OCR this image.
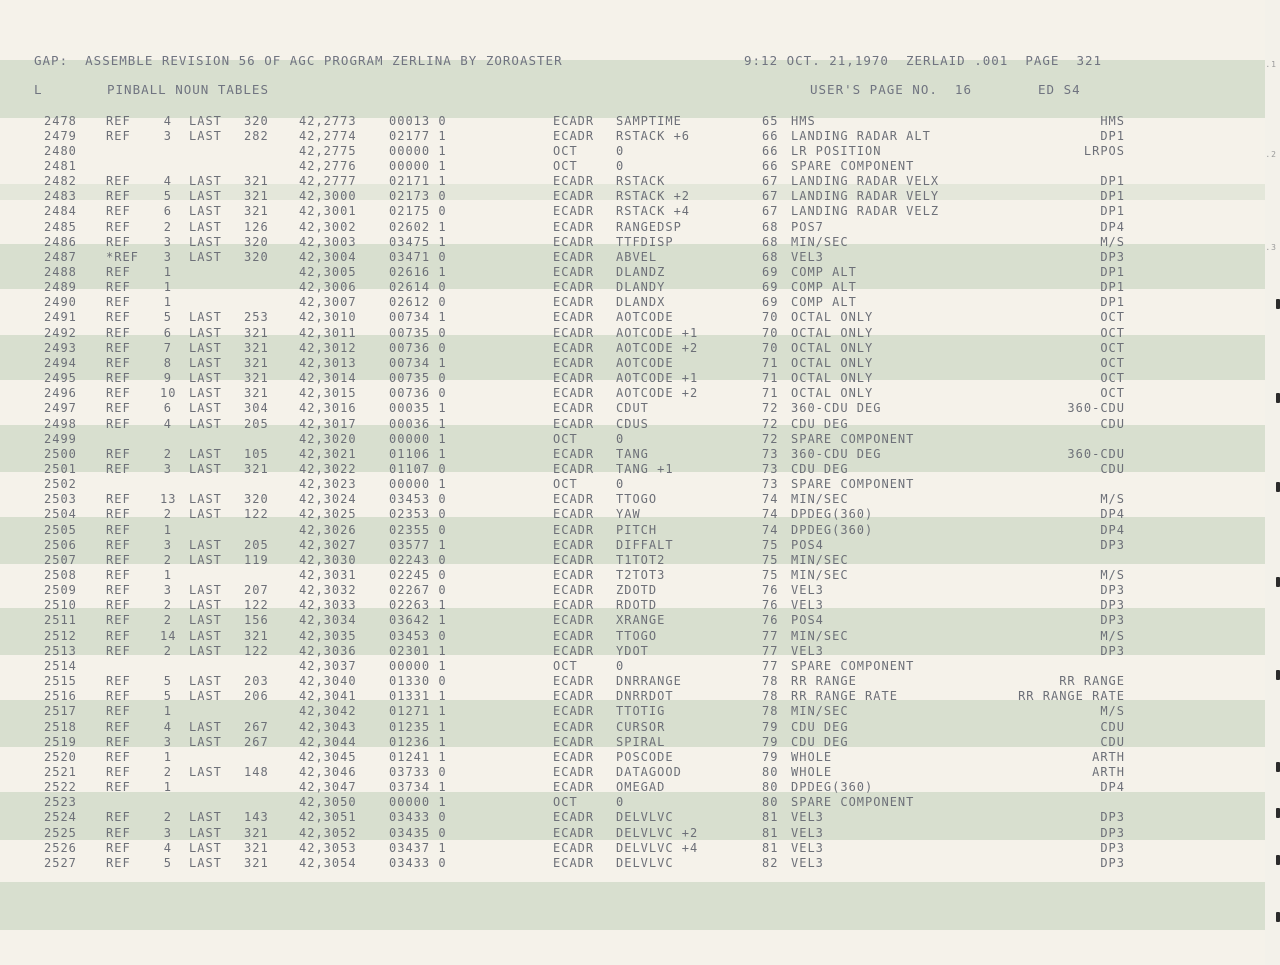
GAP:  ASSEMBLE REVISION 56 OF AGC PROGRAM ZERLINA BY ZOROASTER	9:12 OCT. 21,1970  ZERLAID .001  PAGE  321
L	PINBALL NOUN TABLES	USER'S PAGE NO.  16	ED S4
2478 REF	4 LAST 320	42,2773	00013 0	ECADR SAMPTIME	65 HMS	HMS
2479 REF	3 LAST 282	42,2774	02177 1	ECADR RSTACK +6	66 LANDING RADAR ALT	DP1
2480	42,2775	00000 1	OCT	0	66 LR POSITION	LRPOS
2481	42,2776	00000 1	OCT	0	66 SPARE COMPONENT
2482 REF	4 LAST 321	42,2777	02171 1	ECADR RSTACK	67 LANDING RADAR VELX	DP1
2483 REF	5 LAST 321	42,3000	02173 0	ECADR RSTACK +2	67 LANDING RADAR VELY	DP1
2484 REF	6 LAST 321	42,3001	02175 0	ECADR RSTACK +4	67 LANDING RADAR VELZ	DP1
2485 REF	2 LAST 126	42,3002	02602 1	ECADR RANGEDSP	68 POS7	DP4
2486 REF	3 LAST 320	42,3003	03475 1	ECADR TTFDISP	68 MIN/SEC	M/S
2487 *REF	3 LAST 320	42,3004	03471 0	ECADR ABVEL	68 VEL3	DP3
2488 REF	1	42,3005	02616 1	ECADR DLANDZ	69 COMP ALT	DP1
2489 REF	1	42,3006	02614 0	ECADR DLANDY	69 COMP ALT	DP1
2490 REF	1	42,3007	02612 0	ECADR DLANDX	69 COMP ALT	DP1
2491 REF	5 LAST 253	42,3010	00734 1	ECADR AOTCODE	70 OCTAL ONLY	OCT
2492 REF	6 LAST 321	42,3011	00735 0	ECADR AOTCODE +1	70 OCTAL ONLY	OCT
2493 REF	7 LAST 321	42,3012	00736 0	ECADR AOTCODE +2	70 OCTAL ONLY	OCT
2494 REF	8 LAST 321	42,3013	00734 1	ECADR AOTCODE	71 OCTAL ONLY	OCT
2495 REF	9 LAST 321	42,3014	00735 0	ECADR AOTCODE +1	71 OCTAL ONLY	OCT
2496 REF 10 LAST 321	42,3015	00736 0	ECADR AOTCODE +2	71 OCTAL ONLY	OCT
2497 REF	6 LAST 304	42,3016	00035 1	ECADR CDUT	72 360-CDU DEG	360-CDU
2498 REF	4 LAST 205	42,3017	00036 1	ECADR CDUS	72 CDU DEG	CDU
2499	42,3020	00000 1	OCT	0	72 SPARE COMPONENT
2500 REF	2 LAST 105	42,3021	01106 1	ECADR TANG	73 360-CDU DEG	360-CDU
2501 REF	3 LAST 321	42,3022	01107 0	ECADR TANG +1	73 CDU DEG	CDU
2502	42,3023	00000 1	OCT	0	73 SPARE COMPONENT
2503 REF 13 LAST 320	42,3024	03453 0	ECADR TTOGO	74 MIN/SEC	M/S
2504 REF	2 LAST 122	42,3025	02353 0	ECADR YAW	74 DPDEG(360)	DP4
2505 REF	1	42,3026	02355 0	ECADR PITCH	74 DPDEG(360)	DP4
2506 REF	3 LAST 205	42,3027	03577 1	ECADR DIFFALT	75 POS4	DP3
2507 REF	2 LAST 119	42,3030	02243 0	ECADR T1TOT2	75 MIN/SEC
2508 REF	1	42,3031	02245 0	ECADR T2TOT3	75 MIN/SEC	M/S
2509 REF	3 LAST 207	42,3032	02267 0	ECADR ZDOTD	76 VEL3	DP3
2510 REF	2 LAST 122	42,3033	02263 1	ECADR RDOTD	76 VEL3	DP3
2511 REF	2 LAST 156	42,3034	03642 1	ECADR XRANGE	76 POS4	DP3
2512 REF 14 LAST 321	42,3035	03453 0	ECADR TTOGO	77 MIN/SEC	M/S
2513 REF	2 LAST 122	42,3036	02301 1	ECADR YDOT	77 VEL3	DP3
2514	42,3037	00000 1	OCT	0	77 SPARE COMPONENT
2515 REF	5 LAST 203	42,3040	01330 0	ECADR DNRRANGE	78 RR RANGE	RR RANGE
2516 REF	5 LAST 206	42,3041	01331 1	ECADR DNRRDOT	78 RR RANGE RATE	RR RANGE RATE
2517 REF	1	42,3042	01271 1	ECADR TTOTIG	78 MIN/SEC	M/S
2518 REF	4 LAST 267	42,3043	01235 1	ECADR CURSOR	79 CDU DEG	CDU
2519 REF	3 LAST 267	42,3044	01236 1	ECADR SPIRAL	79 CDU DEG	CDU
2520 REF	1	42,3045	01241 1	ECADR POSCODE	79 WHOLE	ARTH
2521 REF	2 LAST 148	42,3046	03733 0	ECADR DATAGOOD	80 WHOLE	ARTH
2522 REF	1	42,3047	03734 1	ECADR OMEGAD	80 DPDEG(360)	DP4
2523	42,3050	00000 1	OCT	0	80 SPARE COMPONENT
2524 REF	2 LAST 143	42,3051	03433 0	ECADR DELVLVC	81 VEL3	DP3
2525 REF	3 LAST 321	42,3052	03435 0	ECADR DELVLVC +2	81 VEL3	DP3
2526 REF	4 LAST 321	42,3053	03437 1	ECADR DELVLVC +4	81 VEL3	DP3
2527 REF	5 LAST 321	42,3054	03433 0	ECADR DELVLVC	82 VEL3	DP3
.1
.2
.3
